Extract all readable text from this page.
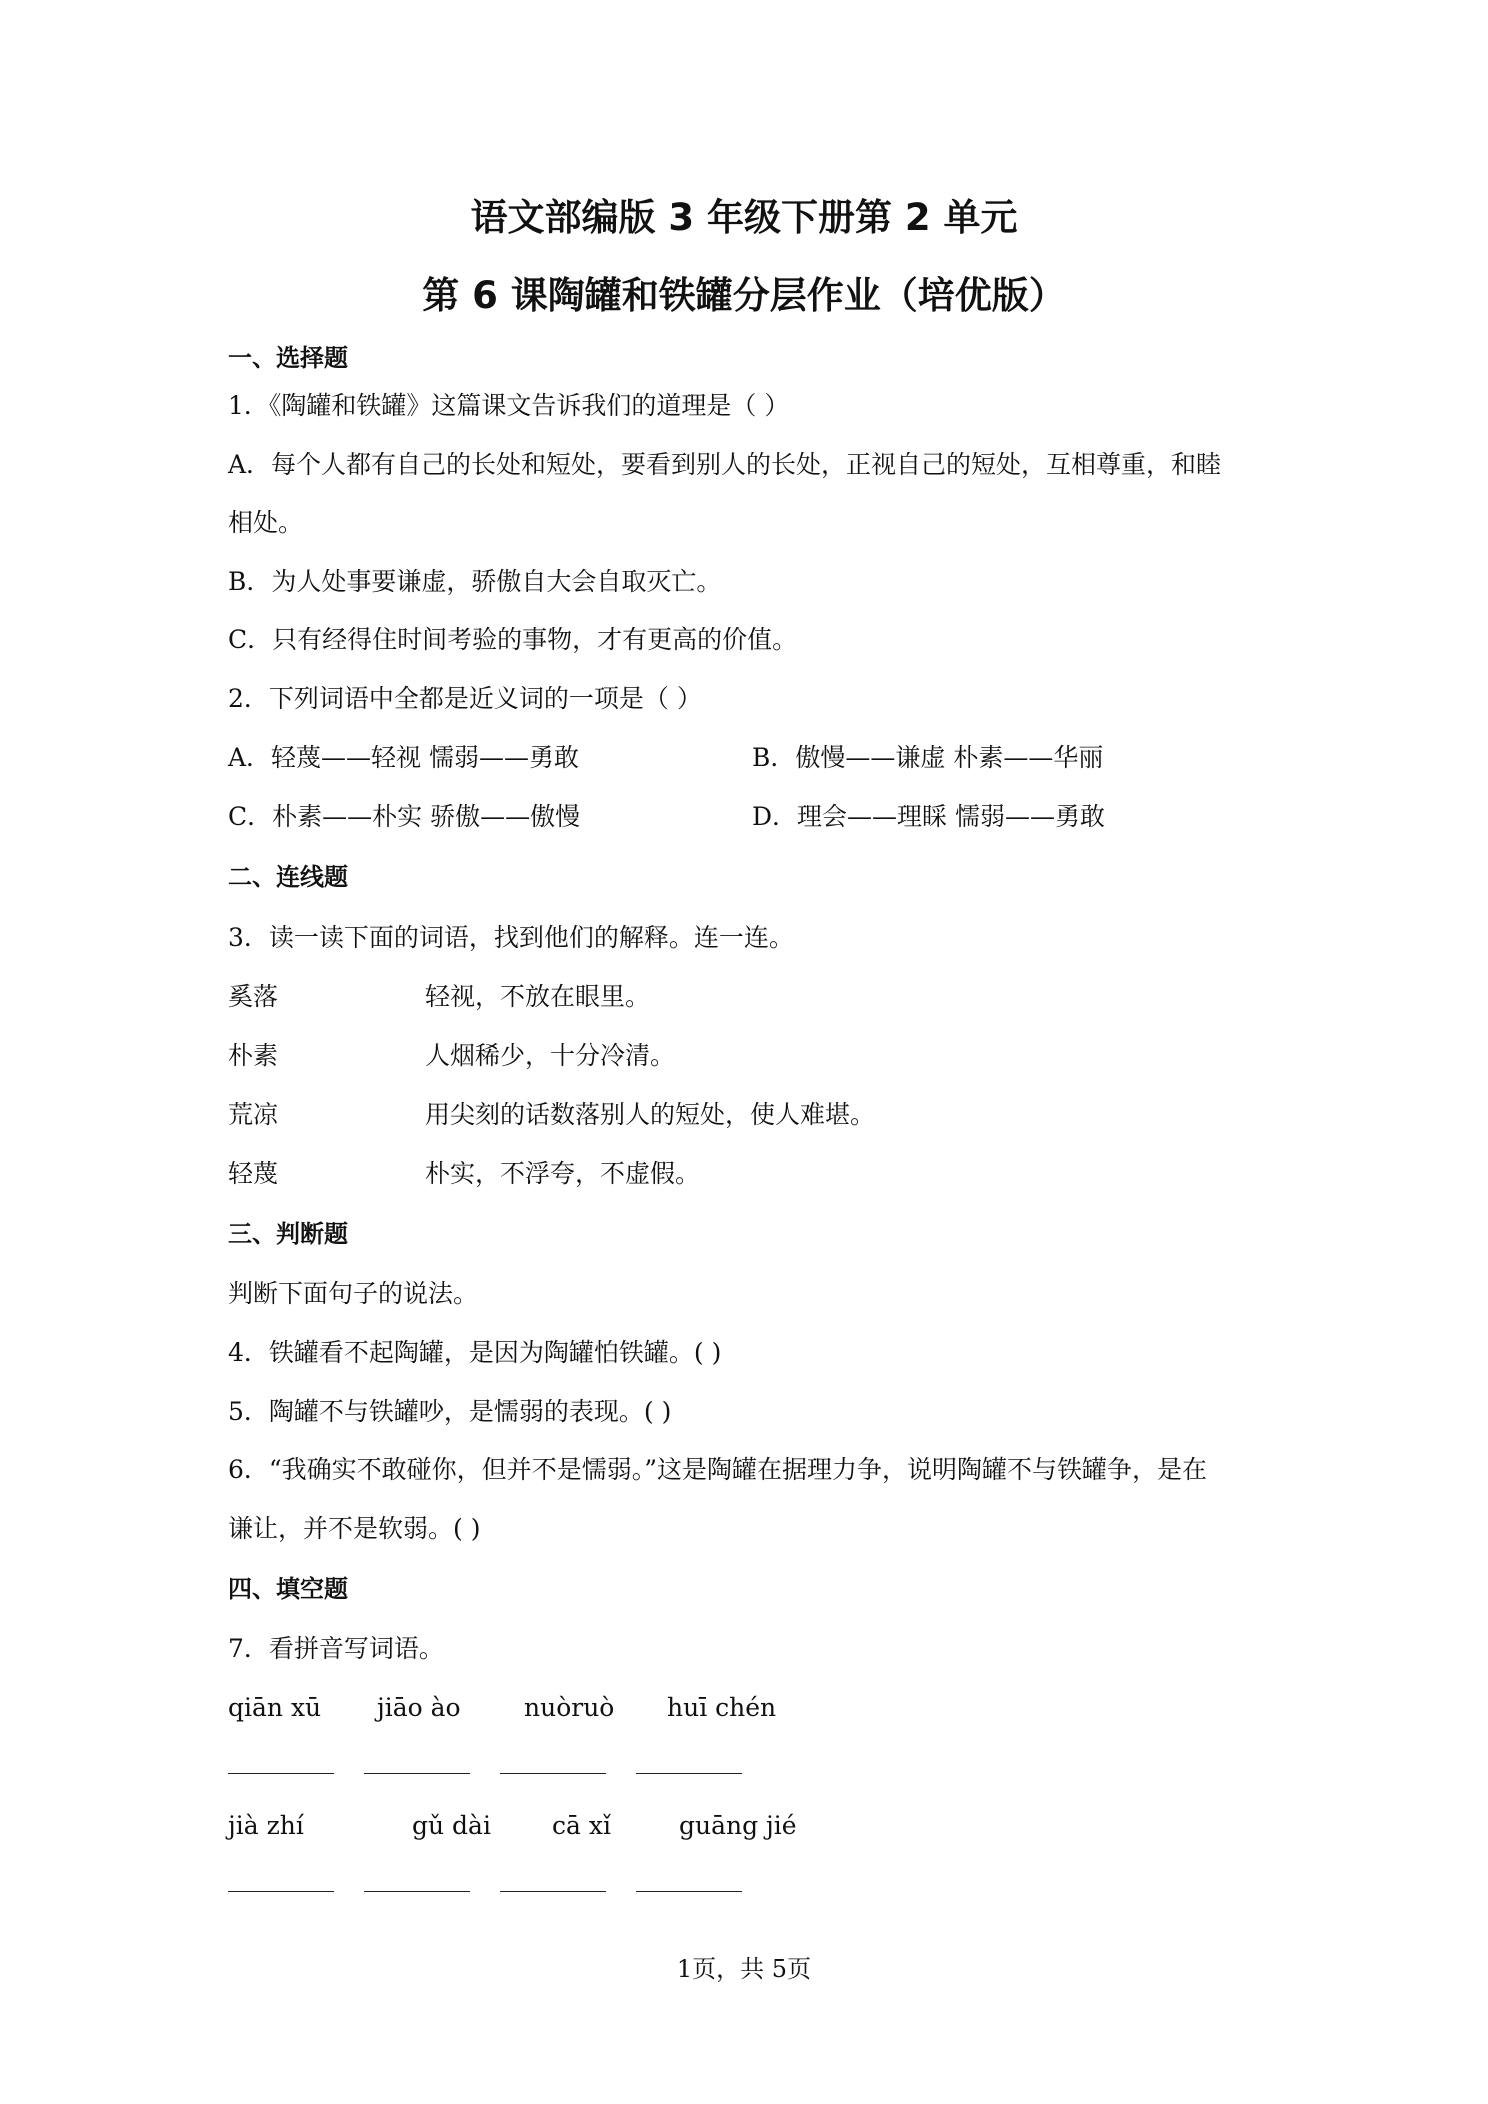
语文部编版 3 年级下册第 2 单元
第 6 课陶罐和铁罐分层作业（培优版）
一、选择题
1．《陶罐和铁罐》这篇课文告诉我们的道理是（ ）
A．每个人都有自己的长处和短处，要看到别人的长处，正视自己的短处，互相尊重，和睦
相处。
B．为人处事要谦虚，骄傲自大会自取灭亡。
C．只有经得住时间考验的事物，才有更高的价值。
2．下列词语中全都是近义词的一项是（ ）
A．轻蔑——轻视 懦弱——勇敢	B．傲慢——谦虚 朴素——华丽
C．朴素——朴实 骄傲——傲慢	D．理会——理睬 懦弱——勇敢
二、连线题
3．读一读下面的词语，找到他们的解释。连一连。
奚落	轻视，不放在眼里。
朴素	人烟稀少，十分冷清。
荒凉	用尖刻的话数落别人的短处，使人难堪。
轻蔑	朴实，不浮夸，不虚假。
三、判断题
判断下面句子的说法。
4．铁罐看不起陶罐，是因为陶罐怕铁罐。( )
5．陶罐不与铁罐吵，是懦弱的表现。( )
6．“我确实不敢碰你，但并不是懦弱。”这是陶罐在据理力争，说明陶罐不与铁罐争，是在
谦让，并不是软弱。( )
四、填空题
7．看拼音写词语。
qiān xū jiāo ào	nuòruò huī chén
jià zhí	gǔ dài cā xǐ	guāng jié
1页，共 5页
